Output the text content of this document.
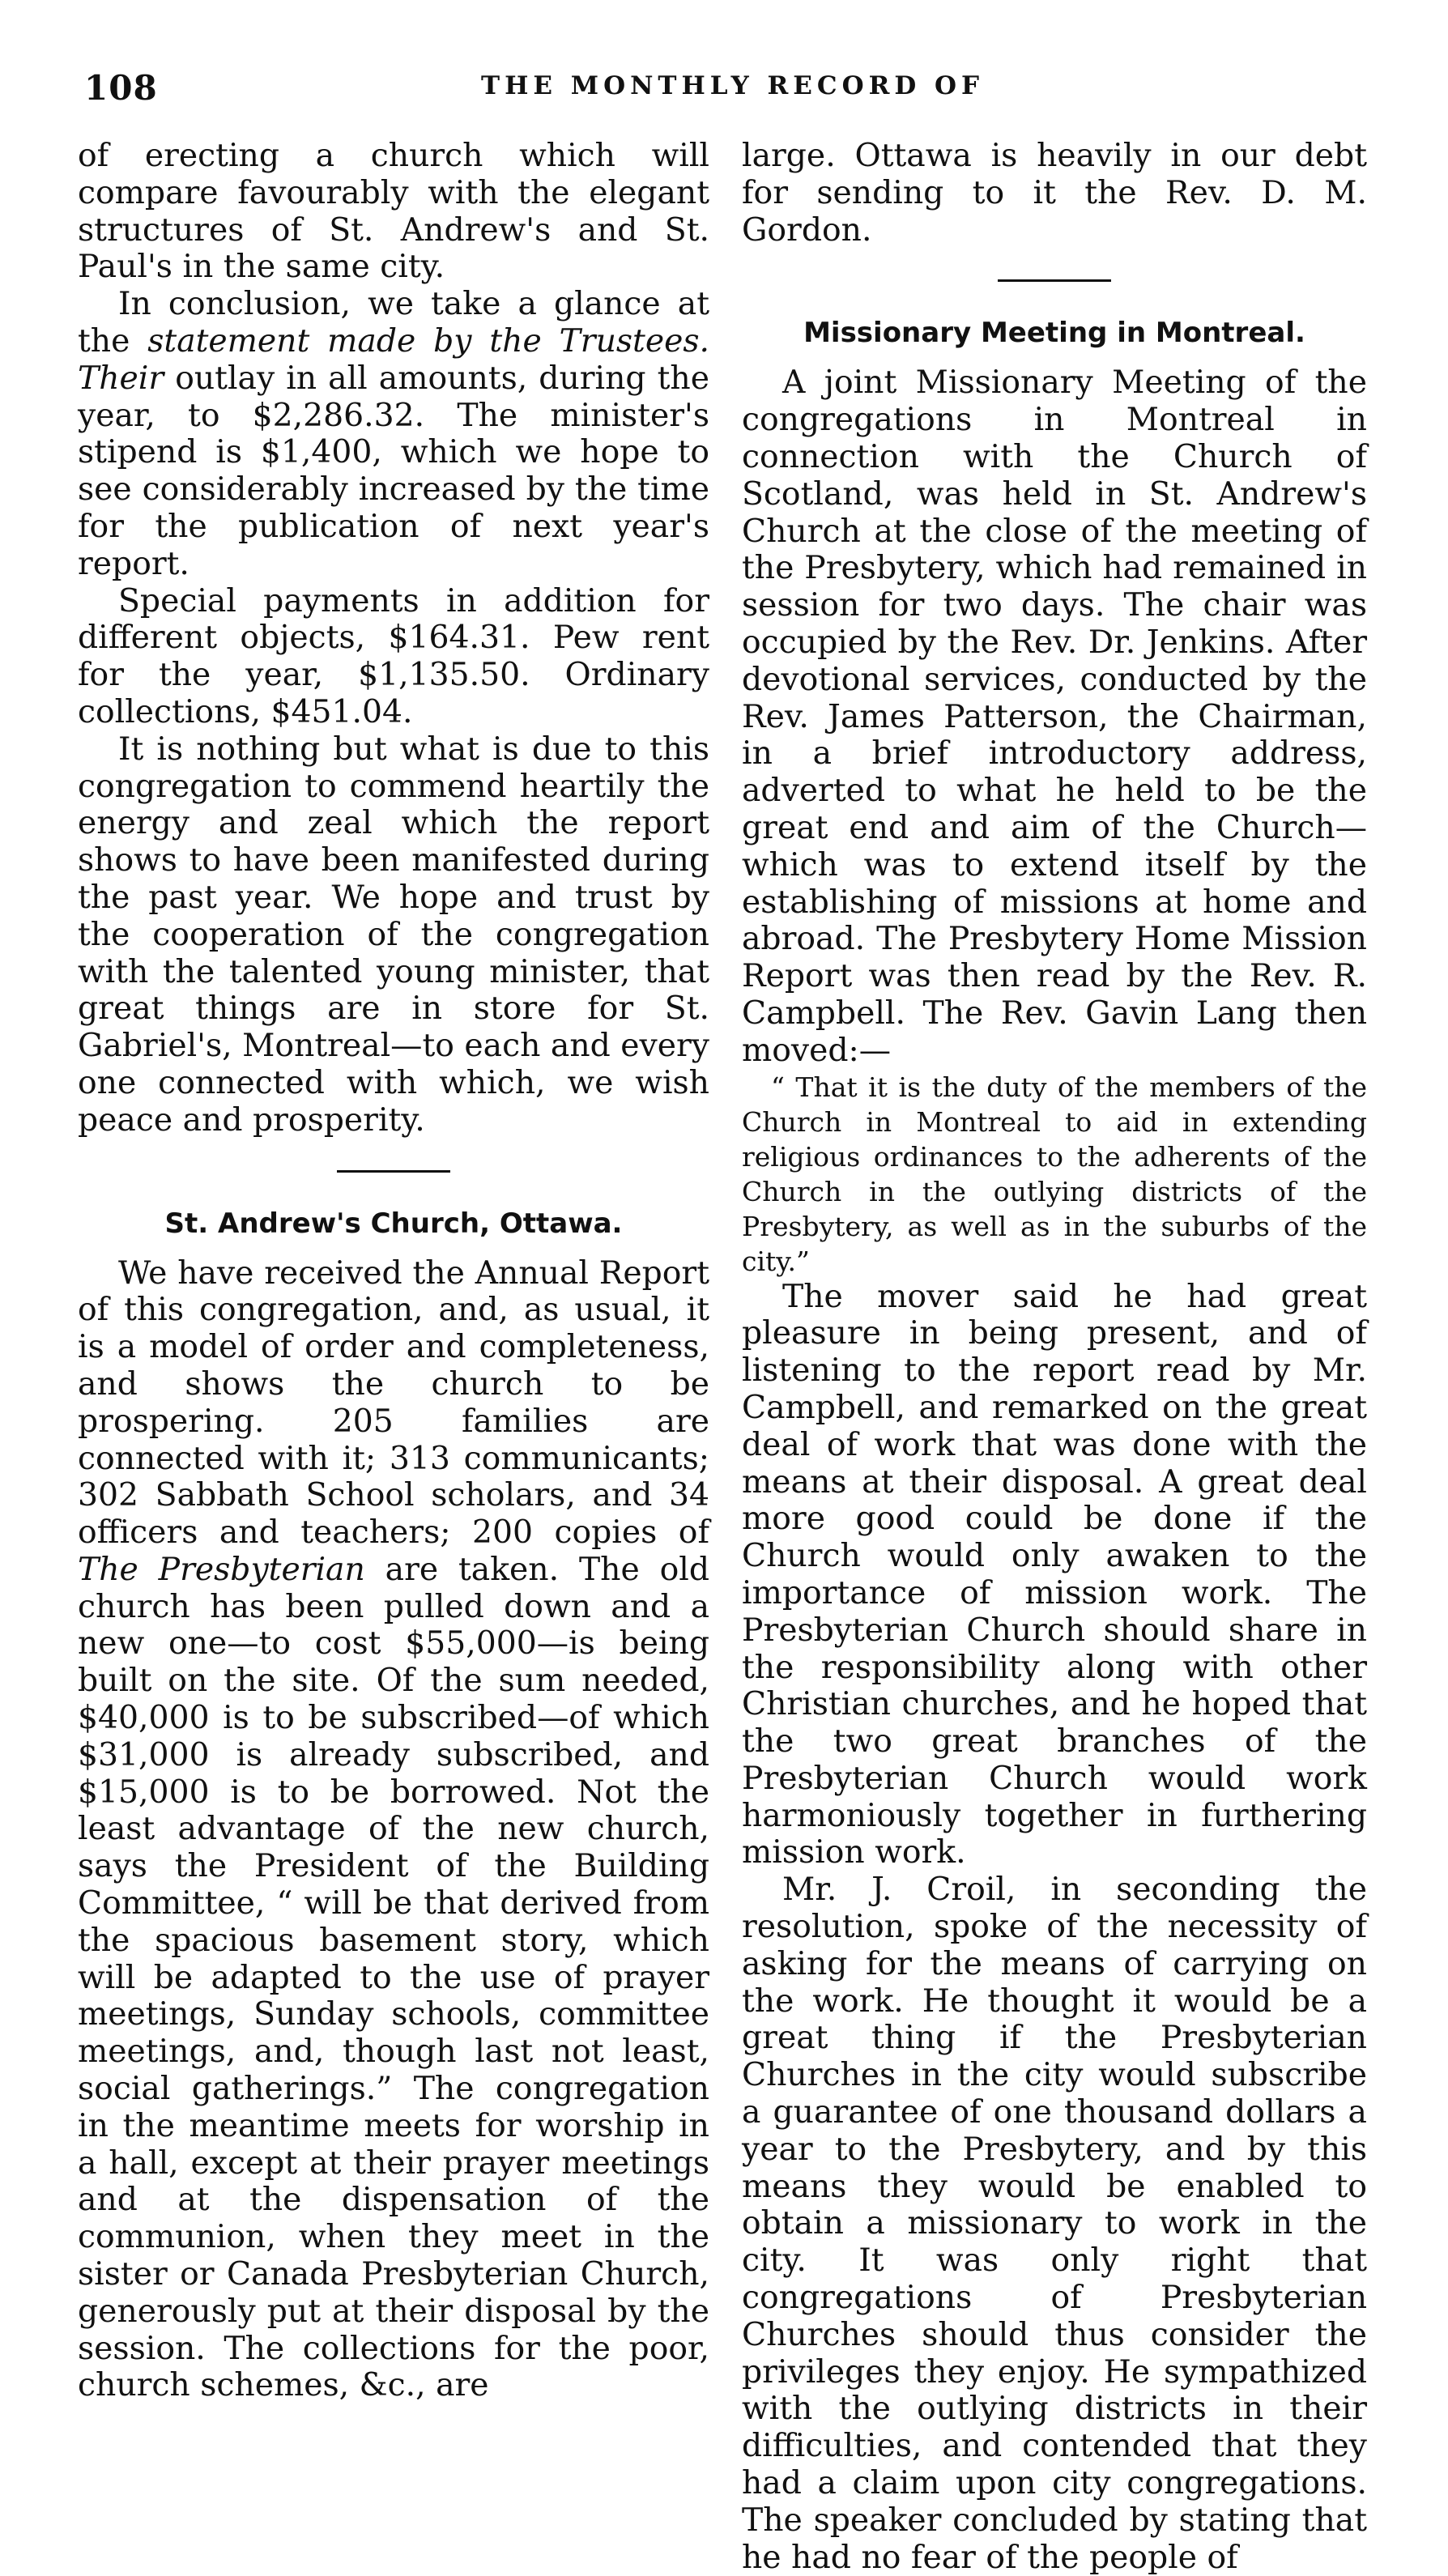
108	THE MONTHLY RECORD OF

of erecting a church which will compare favourably with the elegant structures of St. Andrew's and St. Paul's in the same city.

In conclusion, we take a glance at the statement made by the Trustees. Their outlay in all amounts, during the year, to $2,286.32. The minister's stipend is $1,400, which we hope to see considerably increased by the time for the publication of next year's report.

Special payments in addition for different objects, $164.31. Pew rent for the year, $1,135.50. Ordinary collections, $451.04.

It is nothing but what is due to this congregation to commend heartily the energy and zeal which the report shows to have been manifested during the past year. We hope and trust by the cooperation of the congregation with the talented young minister, that great things are in store for St. Gabriel's, Montreal—to each and every one connected with which, we wish peace and prosperity.

St. Andrew's Church, Ottawa.

We have received the Annual Report of this congregation, and, as usual, it is a model of order and completeness, and shows the church to be prospering. 205 families are connected with it; 313 communicants; 302 Sabbath School scholars, and 34 officers and teachers; 200 copies of The Presbyterian are taken. The old church has been pulled down and a new one—to cost $55,000—is being built on the site. Of the sum needed, $40,000 is to be subscribed—of which $31,000 is already subscribed, and $15,000 is to be borrowed. Not the least advantage of the new church, says the President of the Building Committee, “ will be that derived from the spacious basement story, which will be adapted to the use of prayer meetings, Sunday schools, committee meetings, and, though last not least, social gatherings.” The congregation in the meantime meets for worship in a hall, except at their prayer meetings and at the dispensation of the communion, when they meet in the sister or Canada Presbyterian Church, generously put at their disposal by the session. The collections for the poor, church schemes, &c., are

large. Ottawa is heavily in our debt for sending to it the Rev. D. M. Gordon.

Missionary Meeting in Montreal.

A joint Missionary Meeting of the congregations in Montreal in connection with the Church of Scotland, was held in St. Andrew's Church at the close of the meeting of the Presbytery, which had remained in session for two days. The chair was occupied by the Rev. Dr. Jenkins. After devotional services, conducted by the Rev. James Patterson, the Chairman, in a brief introductory address, adverted to what he held to be the great end and aim of the Church—which was to extend itself by the establishing of missions at home and abroad. The Presbytery Home Mission Report was then read by the Rev. R. Campbell. The Rev. Gavin Lang then moved:—

“ That it is the duty of the members of the Church in Montreal to aid in extending religious ordinances to the adherents of the Church in the outlying districts of the Presbytery, as well as in the suburbs of the city.”

The mover said he had great pleasure in being present, and of listening to the report read by Mr. Campbell, and remarked on the great deal of work that was done with the means at their disposal. A great deal more good could be done if the Church would only awaken to the importance of mission work. The Presbyterian Church should share in the responsibility along with other Christian churches, and he hoped that the two great branches of the Presbyterian Church would work harmoniously together in furthering mission work.

Mr. J. Croil, in seconding the resolution, spoke of the necessity of asking for the means of carrying on the work. He thought it would be a great thing if the Presbyterian Churches in the city would subscribe a guarantee of one thousand dollars a year to the Presbytery, and by this means they would be enabled to obtain a missionary to work in the city. It was only right that congregations of Presbyterian Churches should thus consider the privileges they enjoy. He sympathized with the outlying districts in their difficulties, and contended that they had a claim upon city congregations. The speaker concluded by stating that he had no fear of the people of
